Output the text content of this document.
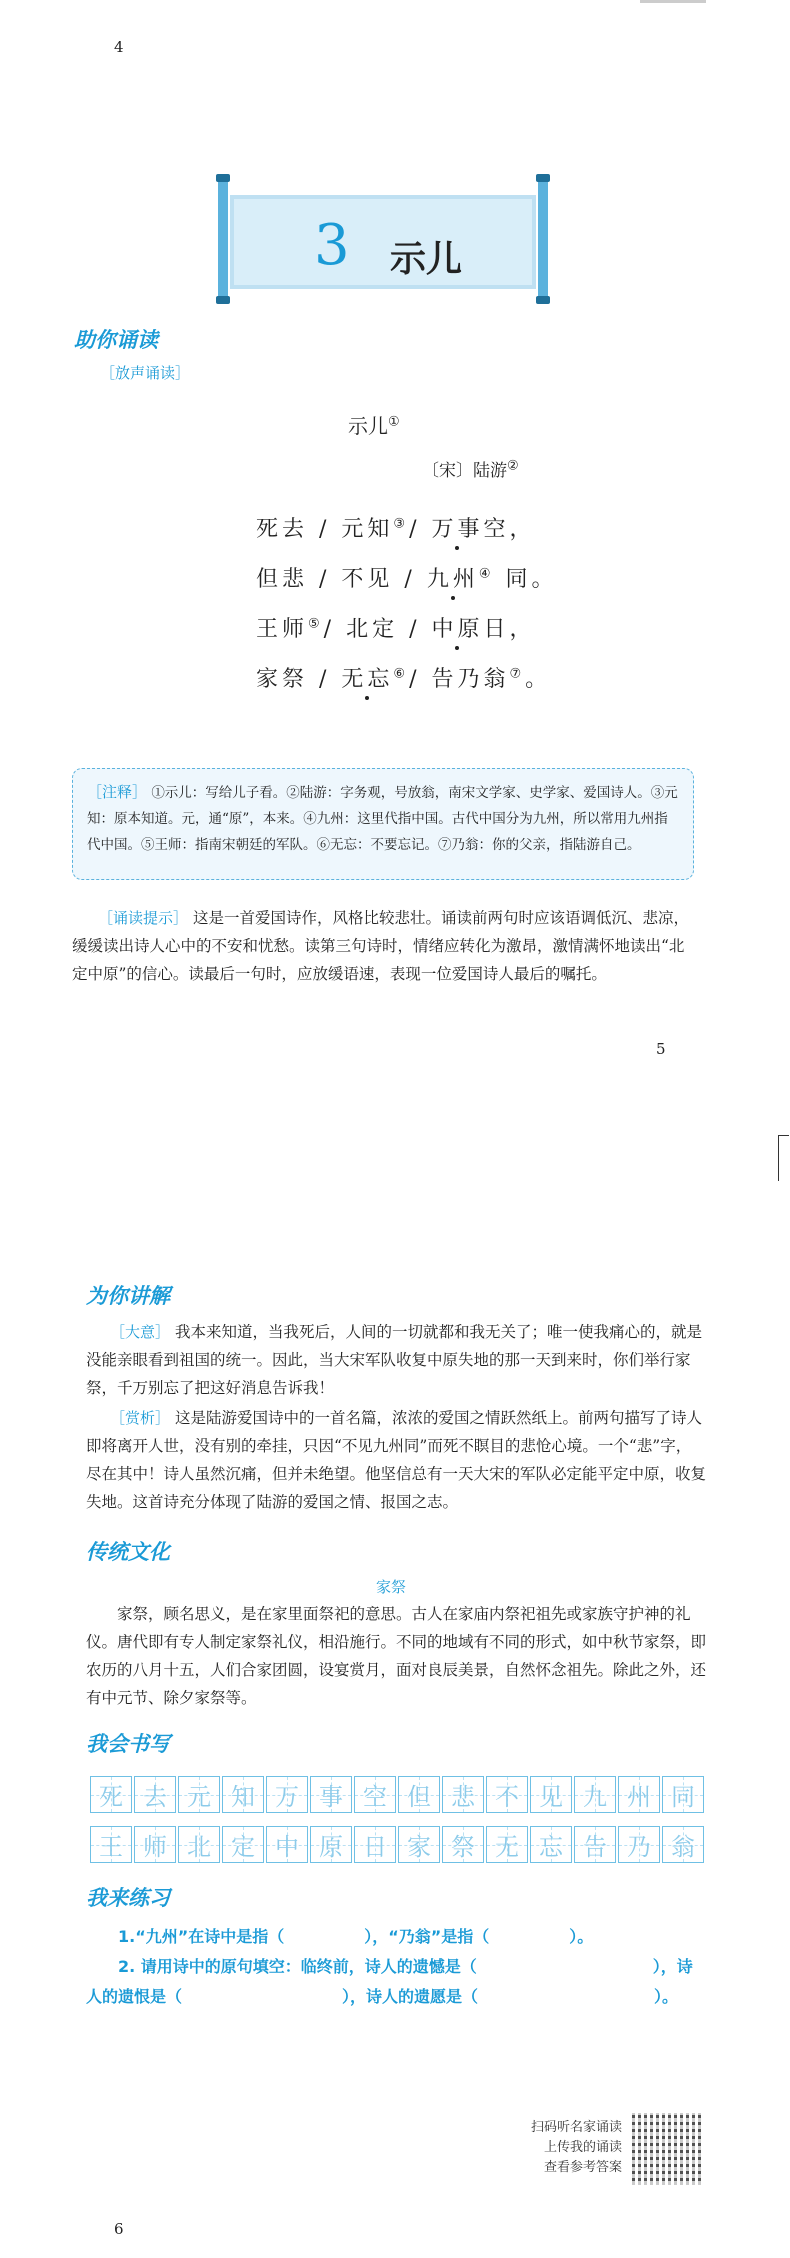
4
5
6
3 示儿
助你诵读
［放声诵读］
示儿①
〔宋〕陆游②
死去 / 元知③/ 万事空，
但悲 / 不见 / 九州④ 同。
王师⑤/ 北定 / 中原日，
家祭 / 无忘⑥/ 告乃翁⑦。
［注释］ ①示儿：写给儿子看。②陆游：字务观，号放翁，南宋文学家、史学家、爱国诗人。③元知：原本知道。元，通“原”，本来。④九州：这里代指中国。古代中国分为九州，所以常用九州指代中国。⑤王师：指南宋朝廷的军队。⑥无忘：不要忘记。⑦乃翁：你的父亲，指陆游自己。
［诵读提示］ 这是一首爱国诗作，风格比较悲壮。诵读前两句时应该语调低沉、悲凉，缓缓读出诗人心中的不安和忧愁。读第三句诗时，情绪应转化为激昂，激情满怀地读出“北定中原”的信心。读最后一句时，应放缓语速，表现一位爱国诗人最后的嘱托。
为你讲解
［大意］ 我本来知道，当我死后，人间的一切就都和我无关了；唯一使我痛心的，就是没能亲眼看到祖国的统一。因此，当大宋军队收复中原失地的那一天到来时，你们举行家祭，千万别忘了把这好消息告诉我！
［赏析］ 这是陆游爱国诗中的一首名篇，浓浓的爱国之情跃然纸上。前两句描写了诗人即将离开人世，没有别的牵挂，只因“不见九州同”而死不瞑目的悲怆心境。一个“悲”字，尽在其中！诗人虽然沉痛，但并未绝望。他坚信总有一天大宋的军队必定能平定中原，收复失地。这首诗充分体现了陆游的爱国之情、报国之志。
传统文化
家祭
家祭，顾名思义，是在家里面祭祀的意思。古人在家庙内祭祀祖先或家族守护神的礼仪。唐代即有专人制定家祭礼仪，相沿施行。不同的地域有不同的形式，如中秋节家祭，即农历的八月十五，人们合家团圆，设宴赏月，面对良辰美景，自然怀念祖先。除此之外，还有中元节、除夕家祭等。
我会书写
死 去 元 知 万 事 空 但 悲 不 见 九 州 同
王 师 北 定 中 原 日 家 祭 无 忘 告 乃 翁
我来练习
1.“九州”在诗中是指（　　　　　），“乃翁”是指（　　　　　）。
2. 请用诗中的原句填空：临终前，诗人的遗憾是（　　　　　　　　　　　），诗
人的遗恨是（　　　　　　　　　　），诗人的遗愿是（　　　　　　　　　　　）。
扫码听名家诵读
上传我的诵读
查看参考答案
